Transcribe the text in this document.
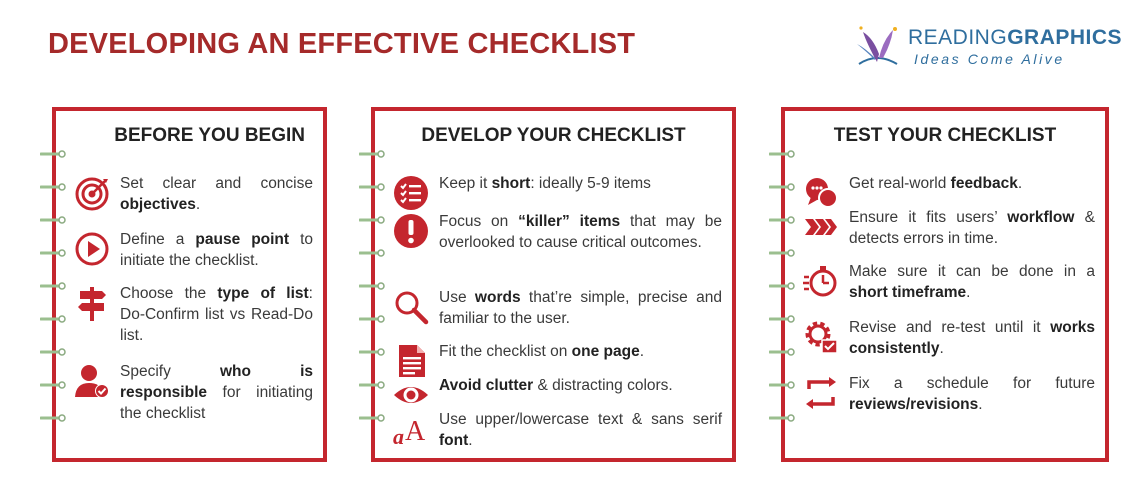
DEVELOPING AN EFFECTIVE CHECKLIST	READINGGRAPHICS
Ideas Come Alive
BEFORE YOU BEGIN
Set clear and concise objectives.
Define a pause point to initiate the checklist.
Choose the type of list: Do-Confirm list vs Read-Do list.
Specify who is responsible for initiating the checklist
DEVELOP YOUR CHECKLIST
Keep it short: ideally 5-9 items
Focus on “killer” items that may be overlooked to cause critical outcomes.
Use words that’re simple, precise and familiar to the user.
Fit the checklist on one page.
Avoid clutter & distracting colors.
a A Use upper/lowercase text & sans serif font.
TEST YOUR CHECKLIST
Get real-world feedback.
Ensure it fits users’ workflow & detects errors in time.
Make sure it can be done in a short timeframe.
Revise and re-test until it works consistently.
Fix a schedule for future reviews/revisions.
